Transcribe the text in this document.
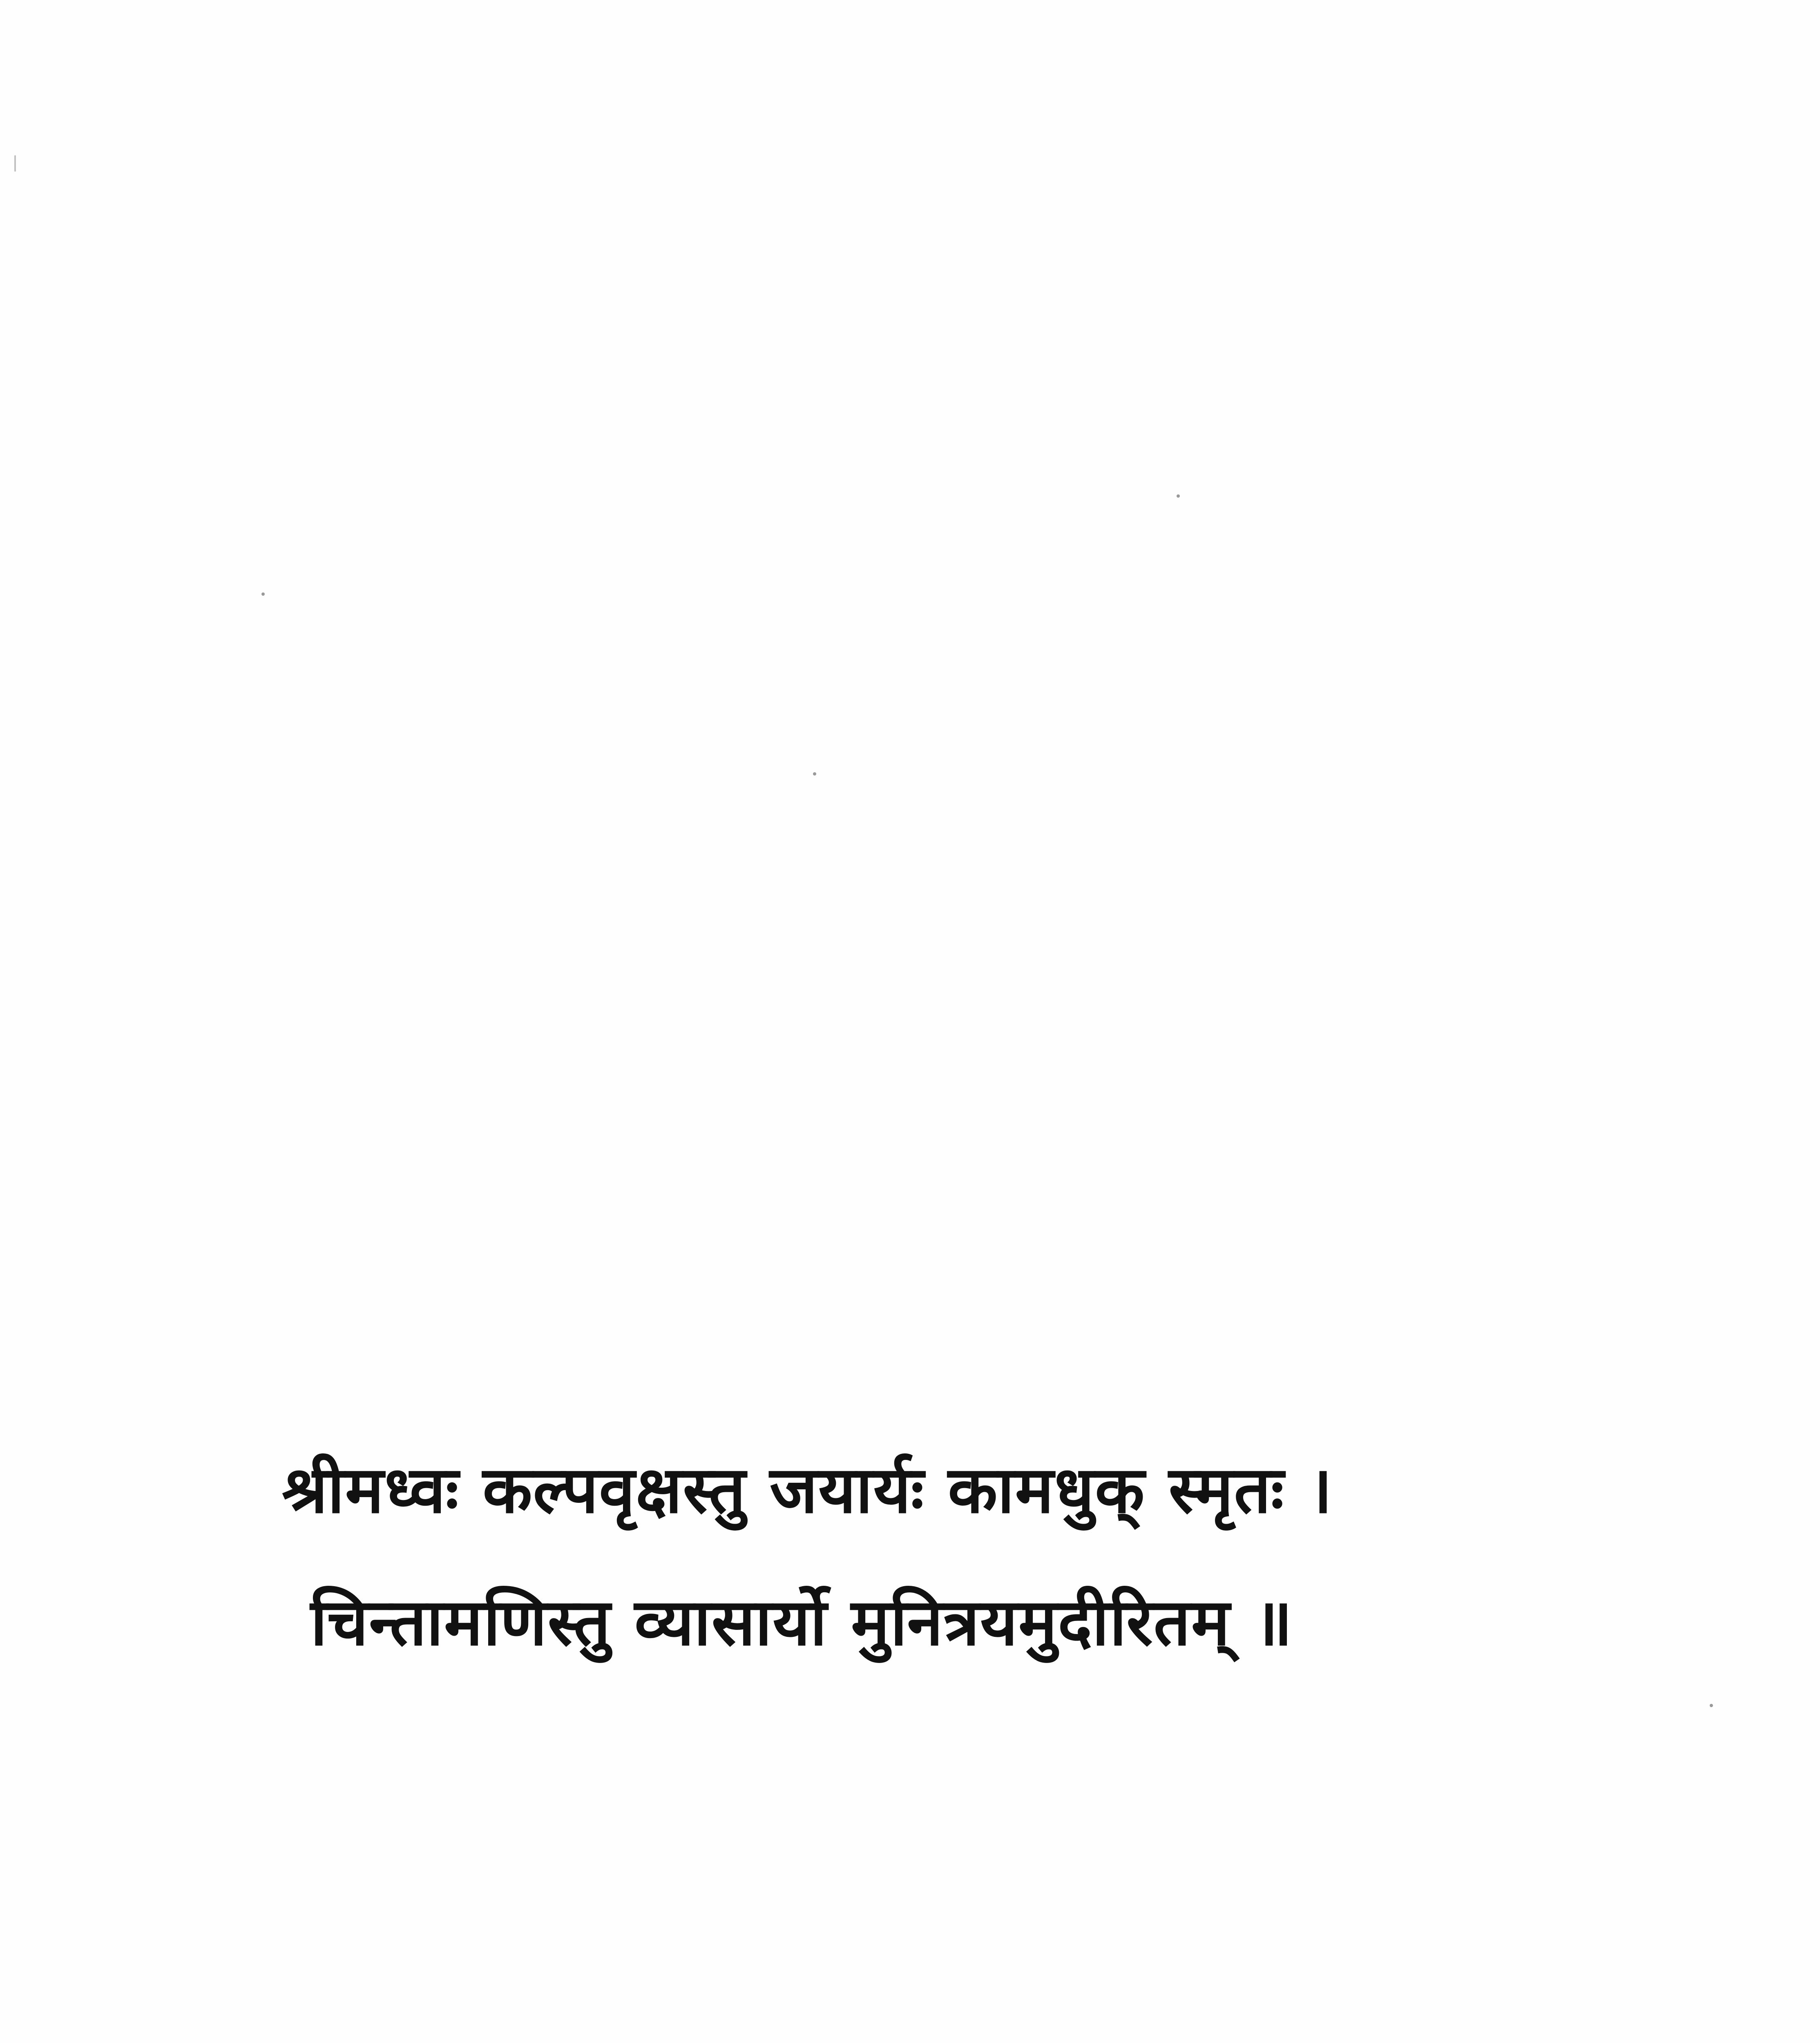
श्रीमध्वः कल्पवृक्षस्तु जयार्यः कामधुक् स्मृतः ।
चिन्तामणिस्तु व्यासार्यो मुनित्रयमुदीरितम् ॥
